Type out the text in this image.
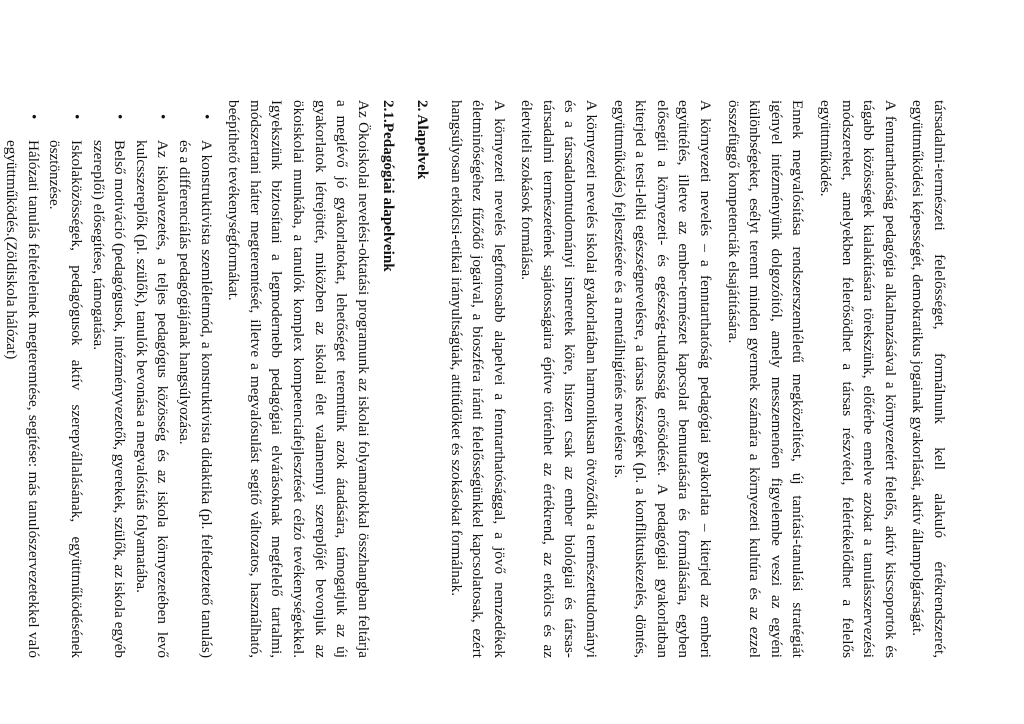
társadalmi-természeti felelősséget, formálnunk kell alakuló értékrendszerét, együttműködési képességét, demokratikus jogainak gyakorlását, aktív állampolgárságát.

A fenntarthatóság pedagógia alkalmazásával a környezetért felelős, aktív kiscsoportok és tágabb közösségek kialakítására törekszünk, előtérbe emelve azokat a tanulásszervezési módszereket, amelyekben felerősödhet a társas részvétel, felértékelődhet a felelős együttműködés.

Ennek megvalósítása rendszerszemléletű megközelítést, új tanítási-tanulási stratégiát igényel intézményünk dolgozóitól, amely messzemenően figyelembe veszi az egyéni különbségeket, esélyt teremt minden gyermek számára a környezeti kultúra és az ezzel összefüggő kompetenciák elsajátítására.

A környezeti nevelés – a fenntarthatóság pedagógiai gyakorlata – kiterjed az emberi együttélés, illetve az ember-természet kapcsolat bemutatására és formálására, egyben elősegíti a környezeti- és egészség-tudatosság erősödését. A pedagógiai gyakorlatban kiterjed a testi-lelki egészségnevelésre, a társas készségek (pl. a konfliktuskezelés, döntés, együttműködés) fejlesztésére és a mentálhigiénés nevelésre is.

A környezeti nevelés iskolai gyakorlatában harmonikusan ötvöződik a természettudományi és a társadalomtudományi ismeretek köre, hiszen csak az ember biológiai és társas-társadalmi természetének sajátosságaira építve történhet az értékrend, az erkölcs és az életviteli szokások formálása.

A környezeti nevelés legfontosabb alapelvei a fenntarthatósággal, a jövő nemzedékek életminőségéhez fűződő jogaival, a bioszféra iránti felelősségünkkel kapcsolatosak, ezért hangsúlyosan erkölcsi-etikai irányultságúak, attitűdöket és szokásokat formálnak.

2. Alapelvek
2.1.Pedagógiai alapelveink

Az Ökoiskolai nevelési-oktatási programunk az iskolai folyamatokkal összhangban feltárja a meglévő jó gyakorlatokat, lehetőséget teremtünk azok átadására, támogatjuk az új gyakorlatok létrejöttét, miközben az iskolai élet valamennyi szereplőjét bevonjuk az ökoiskolai munkába, a tanulók komplex kompetenciafejlesztését célzó tevékenységekkel. Igyekszünk biztosítani a legmodernebb pedagógiai elvárásoknak megfelelő tartalmi, módszertani hátter megteremtését, illetve a megvalósulást segítő változatos, használható, beépíthető tevékenységformákat.

•
A konstruktivista szemléletmód, a konstruktivista didaktika (pl. felfedeztető tanulás) és a differenciálás pedagógiájának hangsúlyozása.
•
Az iskolavezetés, a teljes pedagógus közösség és az iskola környezetében levő kulcsszereplők (pl. szülők), tanulók bevonása a megvalósítás folyamatába.
•
Belső motiváció (pedagógusok, intézményvezetők, gyerekek, szülők, az iskola egyéb szereplői) elősegítése, támogatása.
•
Iskolaközösségek, pedagógusok aktív szerepvállalásának, együttműködésének ösztönzése.
•
Hálózati tanulás feltételeinek megteremtése, segítése: más tanulószervezetekkel való együttműködés.(Zöldiskola hálózat)
